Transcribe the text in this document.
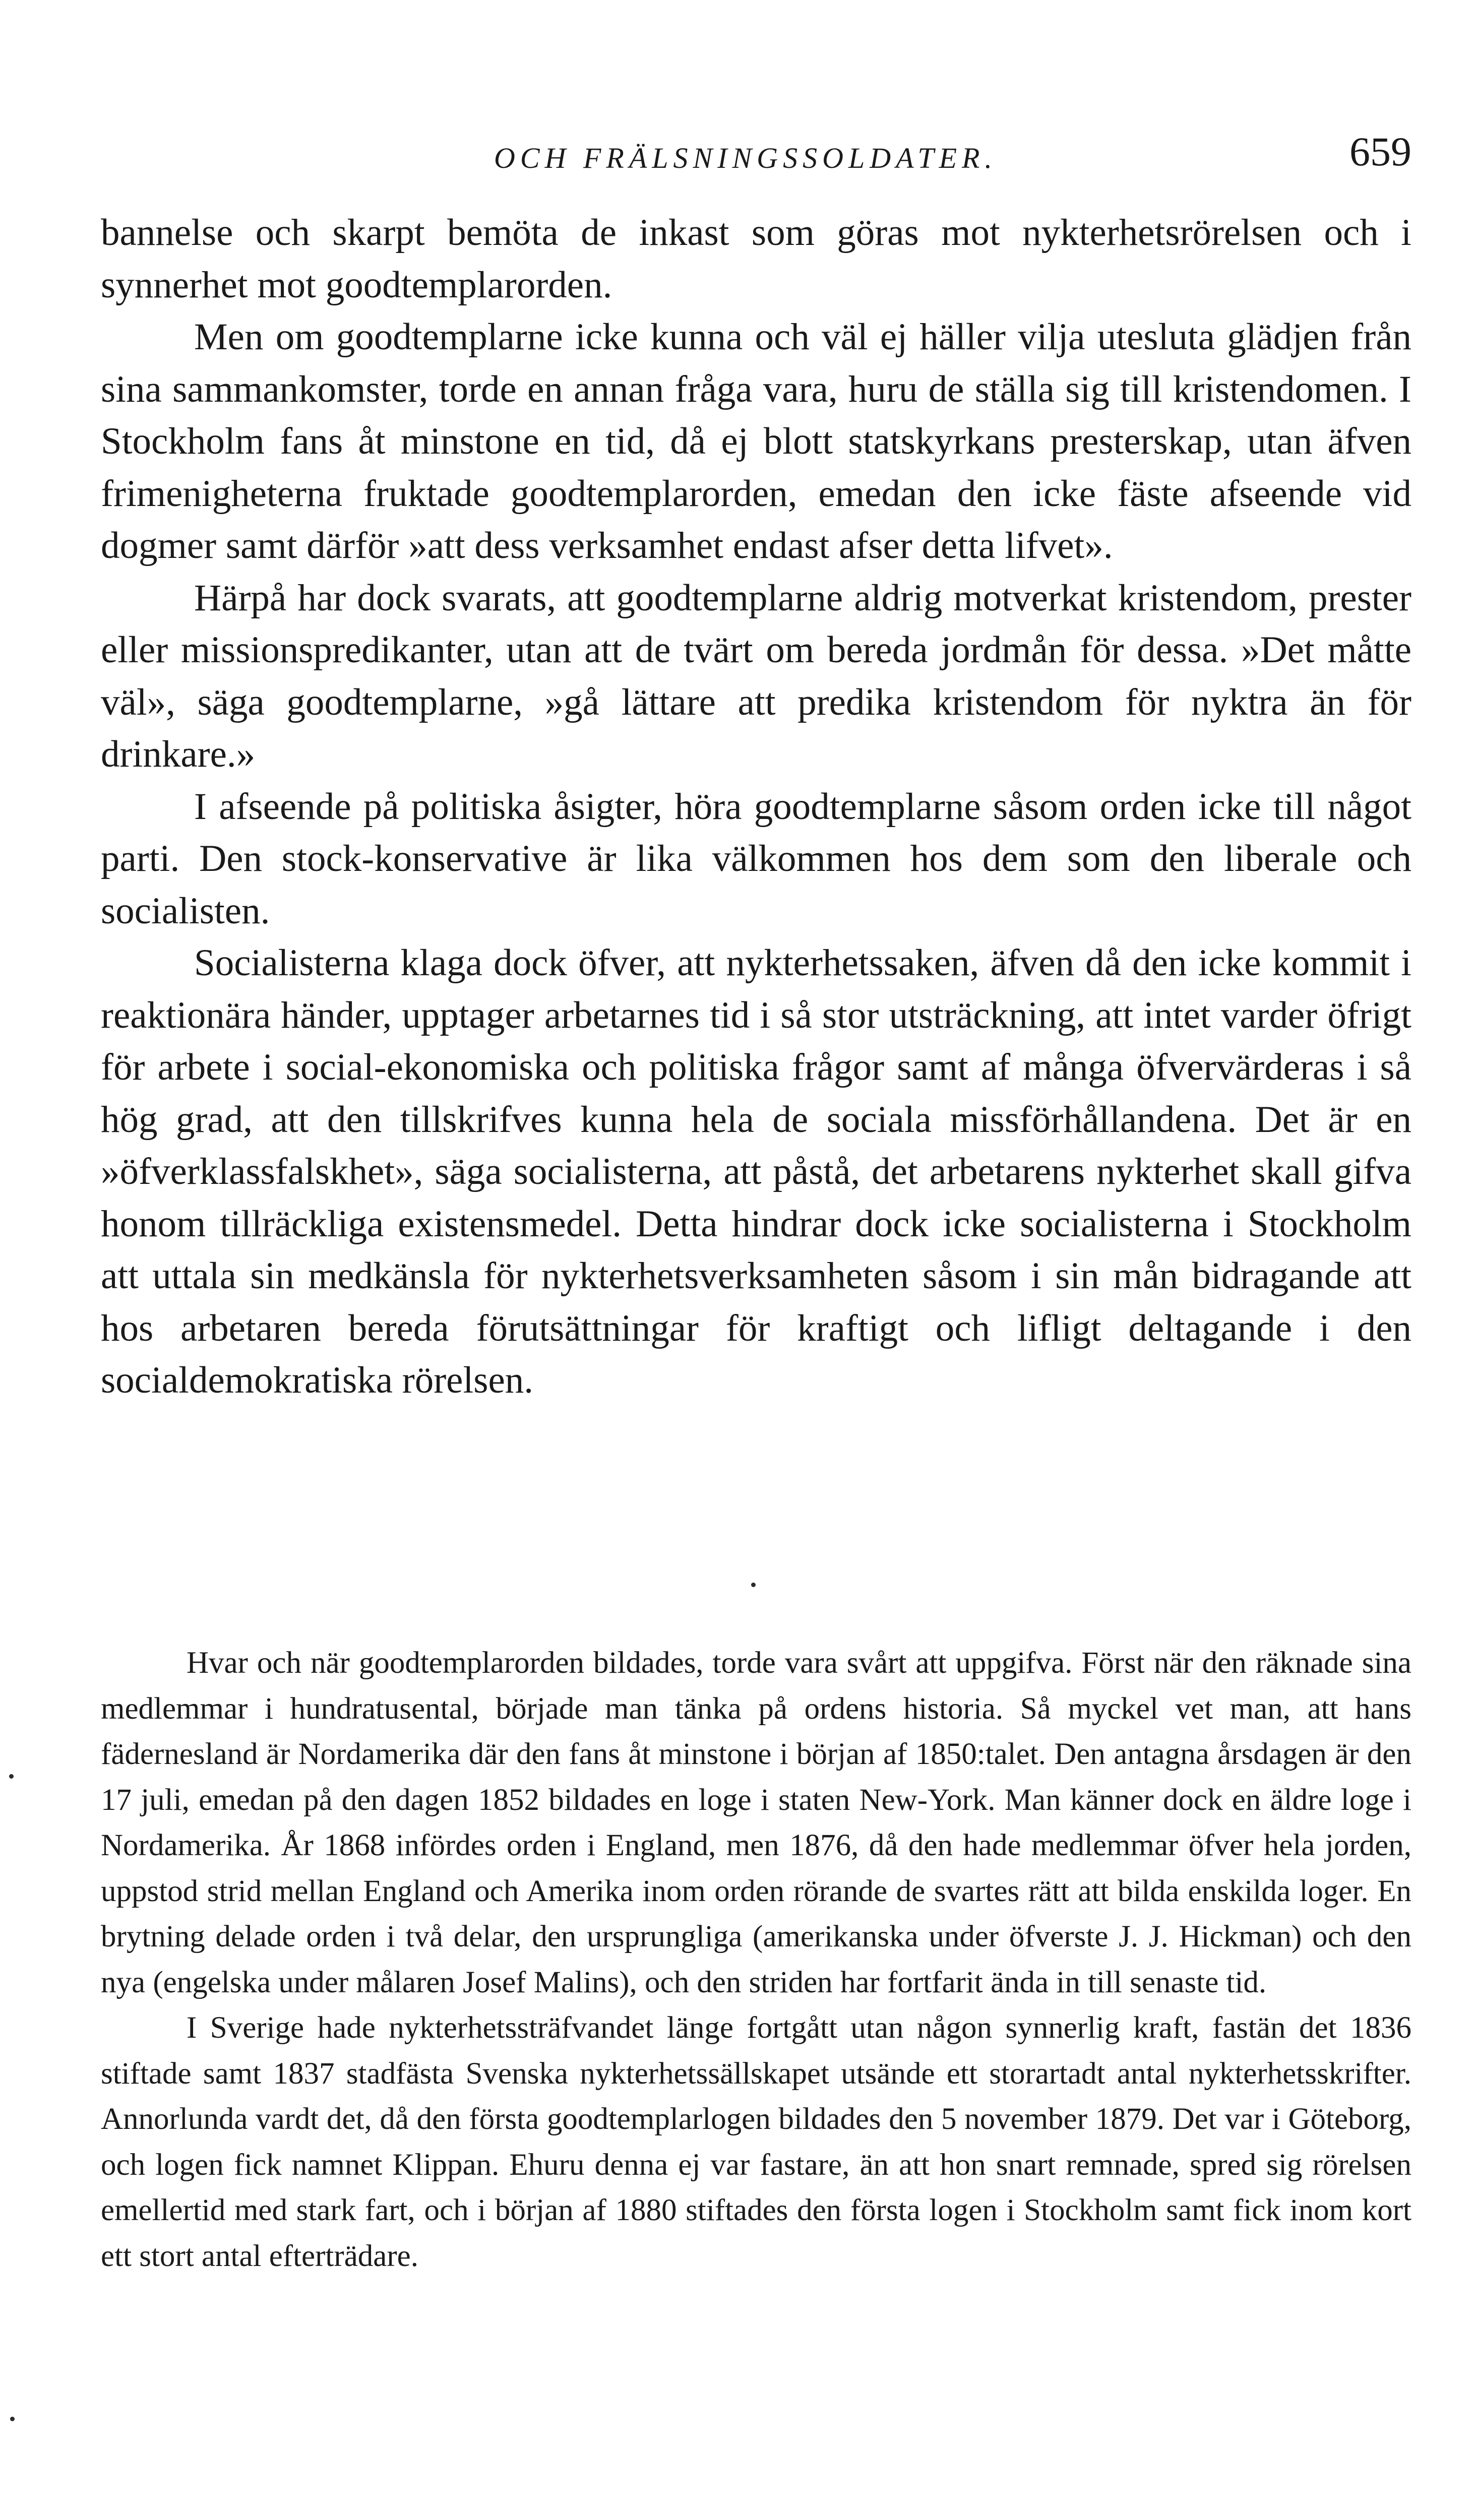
OCH FRÄLSNINGSSOLDATER.	659

bannelse och skarpt bemöta de inkast som göras mot nykterhetsrörelsen och i synnerhet mot goodtemplarorden.

Men om goodtemplarne icke kunna och väl ej häller vilja utesluta glädjen från sina sammankomster, torde en annan fråga vara, huru de ställa sig till kristendomen. I Stockholm fans åt minstone en tid, då ej blott statskyrkans presterskap, utan äfven frimenigheterna fruktade goodtemplarorden, emedan den icke fäste afseende vid dogmer samt därför »att dess verksamhet endast afser detta lifvet».

Härpå har dock svarats, att goodtemplarne aldrig motverkat kristendom, prester eller missionspredikanter, utan att de tvärt om bereda jordmån för dessa. »Det måtte väl», säga goodtemplarne, »gå lättare att predika kristendom för nyktra än för drinkare.»

I afseende på politiska åsigter, höra goodtemplarne såsom orden icke till något parti. Den stock-konservative är lika välkommen hos dem som den liberale och socialisten.

Socialisterna klaga dock öfver, att nykterhetssaken, äfven då den icke kommit i reaktionära händer, upptager arbetarnes tid i så stor utsträckning, att intet varder öfrigt för arbete i social-ekonomiska och politiska frågor samt af många öfvervärderas i så hög grad, att den tillskrifves kunna hela de sociala missförhållandena. Det är en »öfverklassfalskhet», säga socialisterna, att påstå, det arbetarens nykterhet skall gifva honom tillräckliga existensmedel. Detta hindrar dock icke socialisterna i Stockholm att uttala sin medkänsla för nykterhetsverksamheten såsom i sin mån bidragande att hos arbetaren bereda förutsättningar för kraftigt och lifligt deltagande i den socialdemokratiska rörelsen.

Hvar och när goodtemplarorden bildades, torde vara svårt att uppgifva. Först när den räknade sina medlemmar i hundratusental, började man tänka på ordens historia. Så myckel vet man, att hans fädernesland är Nordamerika där den fans åt minstone i början af 1850:talet. Den antagna årsdagen är den 17 juli, emedan på den dagen 1852 bildades en loge i staten New-York. Man känner dock en äldre loge i Nordamerika. År 1868 infördes orden i England, men 1876, då den hade medlemmar öfver hela jorden, uppstod strid mellan England och Amerika inom orden rörande de svartes rätt att bilda enskilda loger. En brytning delade orden i två delar, den ursprungliga (amerikanska under öfverste J. J. Hickman) och den nya (engelska under målaren Josef Malins), och den striden har fortfarit ända in till senaste tid.

I Sverige hade nykterhetssträfvandet länge fortgått utan någon synnerlig kraft, fastän det 1836 stiftade samt 1837 stadfästa Svenska nykterhetssällskapet utsände ett storartadt antal nykterhetsskrifter. Annorlunda vardt det, då den första goodtemplarlogen bildades den 5 november 1879. Det var i Göteborg, och logen fick namnet Klippan. Ehuru denna ej var fastare, än att hon snart remnade, spred sig rörelsen emellertid med stark fart, och i början af 1880 stiftades den första logen i Stockholm samt fick inom kort ett stort antal efterträdare.
